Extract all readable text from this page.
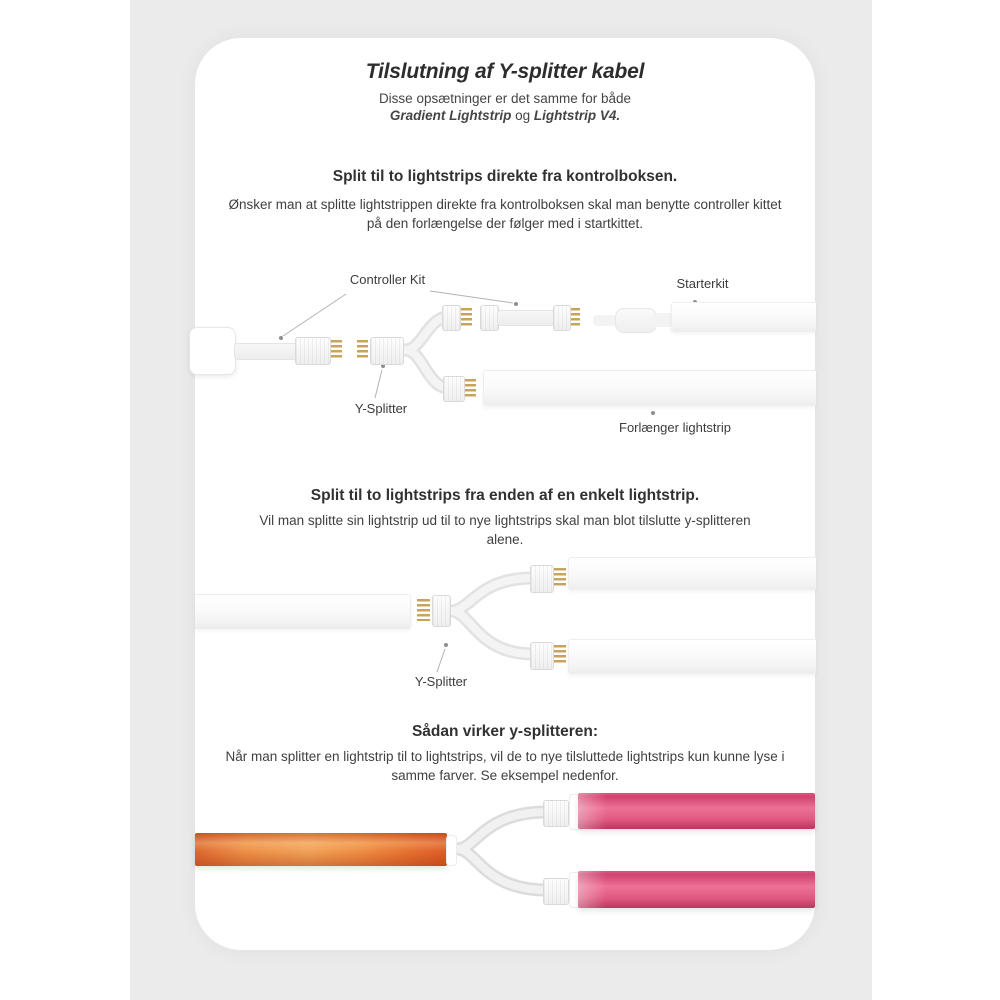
Tilslutning af Y-splitter kabel
Disse opsætninger er det samme for både
Gradient Lightstrip og Lightstrip V4.
Split til to lightstrips direkte fra kontrolboksen.
Ønsker man at splitte lightstrippen direkte fra kontrolboksen skal man benytte controller kittet på den forlængelse der følger med i startkittet.
Controller Kit	Starterkit
Y-Splitter
Forlænger lightstrip
Split til to lightstrips fra enden af en enkelt lightstrip.
Vil man splitte sin lightstrip ud til to nye lightstrips skal man blot tilslutte y-splitteren alene.
Y-Splitter
Sådan virker y-splitteren:
Når man splitter en lightstrip til to lightstrips, vil de to nye tilsluttede lightstrips kun kunne lyse i samme farver. Se eksempel nedenfor.
